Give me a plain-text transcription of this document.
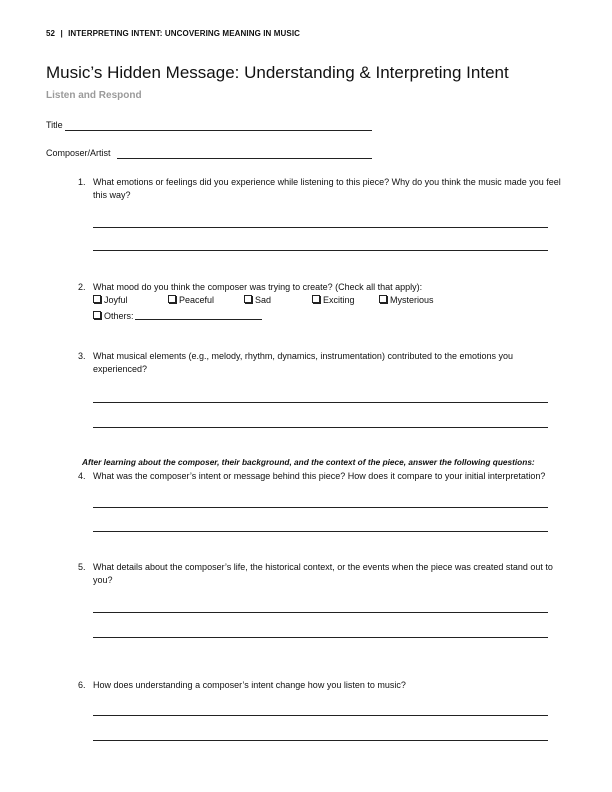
52 | INTERPRETING INTENT: UNCOVERING MEANING IN MUSIC
Music’s Hidden Message: Understanding & Interpreting Intent
Listen and Respond
Title
Composer/Artist
1. What emotions or feelings did you experience while listening to this piece? Why do you think the music made you feel this way?
2. What mood do you think the composer was trying to create? (Check all that apply):
Joyful	Peaceful	Sad	Exciting	Mysterious
Others:
3. What musical elements (e.g., melody, rhythm, dynamics, instrumentation) contributed to the emotions you experienced?
After learning about the composer, their background, and the context of the piece, answer the following questions:
4. What was the composer’s intent or message behind this piece? How does it compare to your initial interpretation?
5. What details about the composer’s life, the historical context, or the events when the piece was created stand out to you?
6. How does understanding a composer’s intent change how you listen to music?
